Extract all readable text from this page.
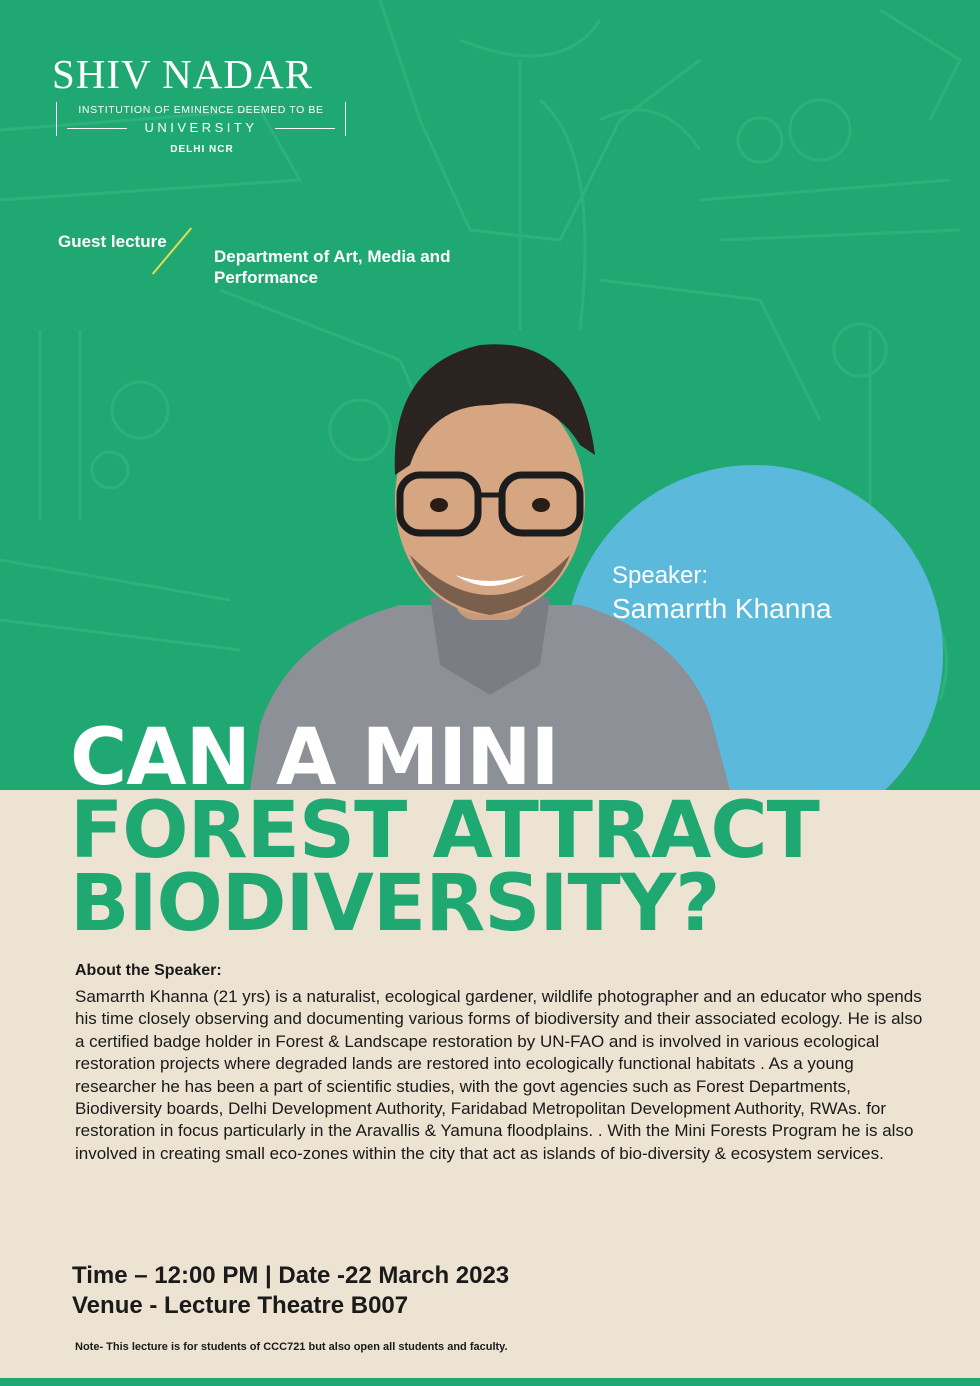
SHIV NADAR
INSTITUTION OF EMINENCE DEEMED TO BE
UNIVERSITY
DELHI NCR
Guest lecture
Department of Art, Media and Performance
Speaker:
Samarrth Khanna
CAN A MINI
FOREST ATTRACT
BIODIVERSITY?
About the Speaker:
Samarrth Khanna (21 yrs) is a naturalist, ecological gardener, wildlife photographer and an educator who spends his time closely observing and documenting various forms of biodiversity and their associated ecology. He is also a certified badge holder in Forest & Landscape restoration by UN-FAO and is involved in various ecological restoration projects where degraded lands are restored into ecologically functional habitats . As a young researcher he has been a part of scientific studies, with the govt agencies such as Forest Departments, Biodiversity boards, Delhi Development Authority, Faridabad Metropolitan Development Authority, RWAs. for restoration in focus particularly in the Aravallis & Yamuna floodplains. . With the Mini Forests Program he is also involved in creating small eco-zones within the city that act as islands of bio-diversity & ecosystem services.
Time – 12:00 PM | Date -22 March 2023
Venue - Lecture Theatre B007
Note- This lecture is for students of CCC721 but also open all students and faculty.
